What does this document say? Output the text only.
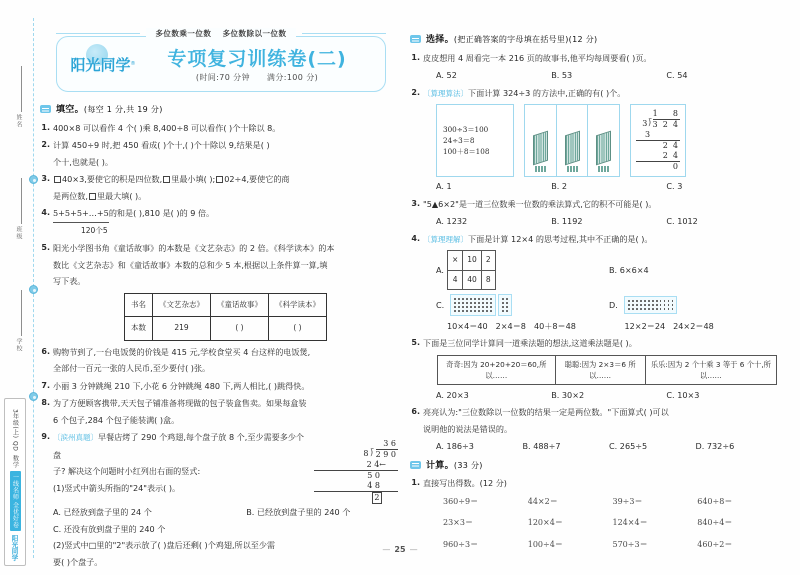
姓名
班级
学校
阳光同学
一线名师 全优好卷
数学
QD
3年级(上)
多位数乘一位数 多位数除以一位数
阳光同学 ®	专项复习训练卷(二)
(时间:70 分钟 满分:100 分)
填空。(每空 1 分,共 19 分)
1. 400×8 可以看作 4 个( )乘 8,400÷8 可以看作( )个十除以 8。

2. 计算 450÷9 时,把 450 看成( )个十,( )个十除以 9,结果是( )

个十,也就是( )。

3.	40×3,要使它的积是四位数, 里最小填( ); 02÷4,要使它的商

是两位数, 里最大填( )。

4. 5+5+5+…+5的和是( ),810 是( )的 9 倍。

120个5

5. 阳光小学图书角《童话故事》的本数是《文艺杂志》的 2 倍。《科学读本》的本

数比《文艺杂志》和《童话故事》本数的总和少 5 本,根据以上条件算一算,填

写下表。

书名	《文艺杂志》	《童话故事》	《科学读本》
本数	219	( )	( )
6. 购物节到了,一台电饭煲的价钱是 415 元,学校食堂买 4 台这样的电饭煲,

全部付一百元一张的人民币,至少要付( )张。

7. 小丽 3 分钟跳绳 210 下,小花 6 分钟跳绳 480 下,两人相比,( )跳得快。

8. 为了方便顾客携带,天天包子铺准备将现做的包子装盒售卖。如果每盒装

6 个包子,284 个包子能装满( )盒。

9. 〔滨州真题〕早餐店烤了 290 个鸡翅,每个盘子放 8 个,至少需要多少个盘

子? 解决这个问题时小红列出右面的竖式:

(1)竖式中箭头所指的"24"表示( )。

3 6
8 ⟌ 2 9 0
2 4 ←

5 0

4 8

2

A. 已经放到盘子里的 24 个	B. 已经放到盘子里的 240 个

C. 还没有放到盘子里的 240 个

(2)竖式中□里的"2"表示放了( )盘后还剩( )个鸡翅,所以至少需

要( )个盘子。

选择。(把正确答案的字母填在括号里)(12 分)
1. 皮皮想用 4 周看完一本 216 页的故事书,他平均每周要看( )页。

A. 52	B. 53	C. 54
2. 〔算理算法〕下面计算 324÷3 的方法中,正确的有( )个。

300÷3＝100
24÷3＝8
100＋8＝108
1      8
3 ⟌ 3  2  4
3
2  4

2  4

0

A. 1	B. 2	C. 3
3. "5▲6×2"是一道三位数乘一位数的乘法算式,它的积不可能是( )。

A. 1232	B. 1192	C. 1012
4. 〔算理理解〕下面是计算 12×4 的思考过程,其中不正确的是( )。

A.
×	10	2
4	40	8
B. 6×6×4
C.	D.
10×4＝40 2×4＝8 40＋8＝48	12×2＝24 24×2＝48
5. 下面是三位同学计算同一道乘法题的想法,这道乘法题是( )。

奇奇:因为 20+20+20＝60,所以……	聪聪:因为 2×3＝6 所以……	乐乐:因为 2 个十乘 3 等于 6 个十,所以……
A. 20×3	B. 30×2	C. 10×3
6. 亮亮认为:"三位数除以一位数的结果一定是两位数。"下面算式( )可以

说明他的说法是错误的。

A. 186÷3	B. 488÷7	C. 265÷5	D. 732÷6
计算。(33 分)
1. 直接写出得数。(12 分)

360÷9＝	44×2＝	39÷3＝	640÷8＝
23×3＝	120×4＝	124×4＝	840÷4＝
960÷3＝	100÷4＝	570÷3＝	460÷2＝
— 25 —
